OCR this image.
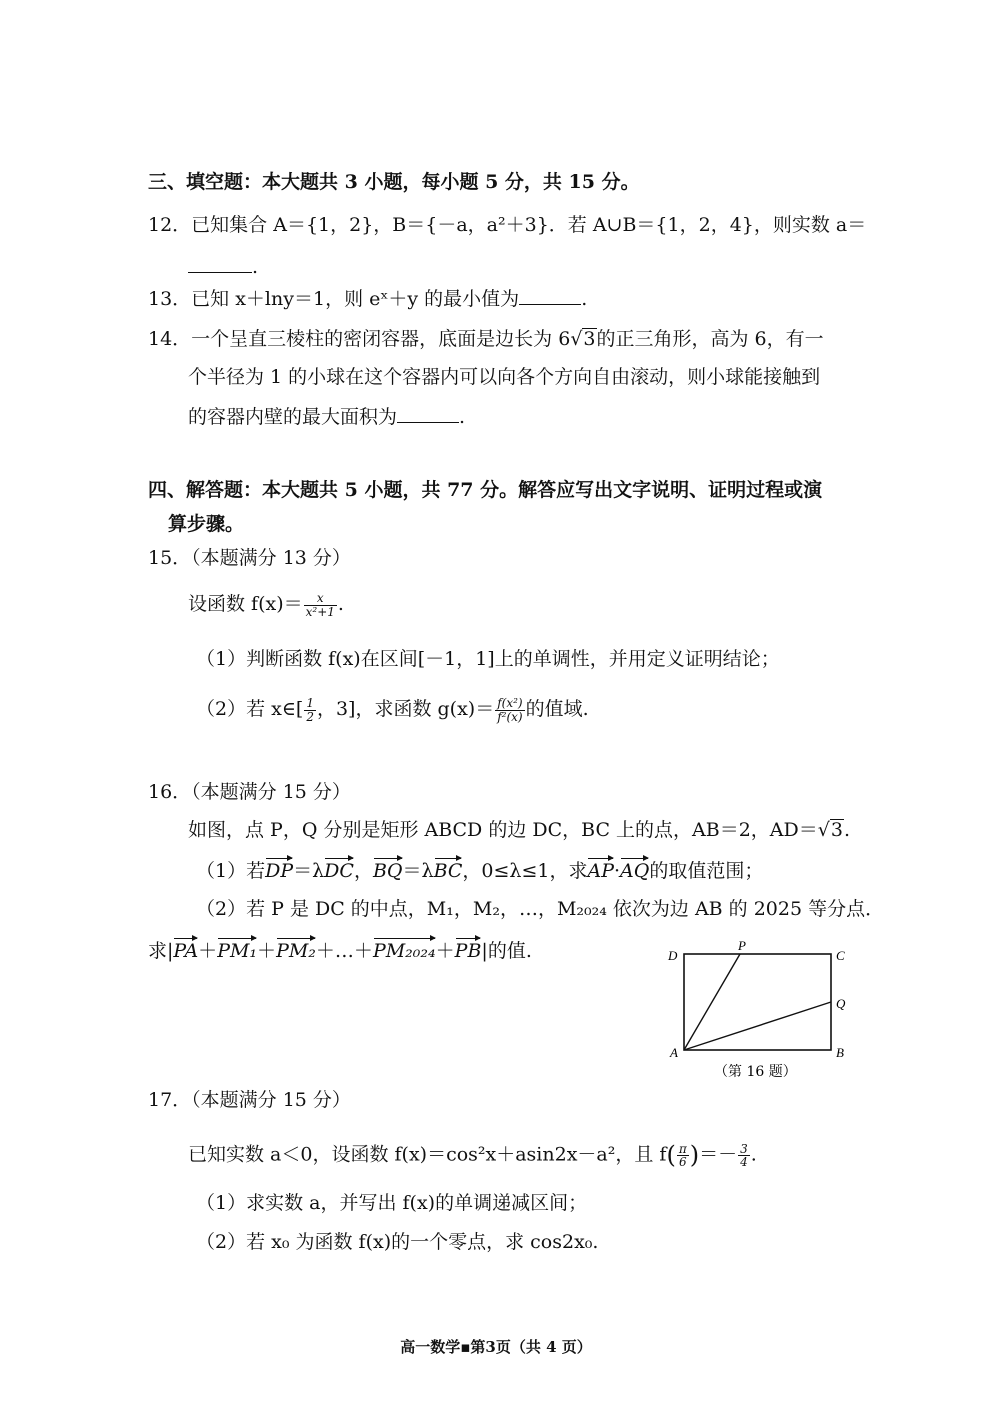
三、填空题：本大题共 3 小题，每小题 5 分，共 15 分。
12．已知集合 A＝{1，2}，B＝{－a，a²＋3}．若 A∪B＝{1，2，4}，则实数 a＝
.
13．已知 x＋lny＝1，则 eˣ＋y 的最小值为	.
14．一个呈直三棱柱的密闭容器，底面是边长为 6√3的正三角形，高为 6，有一
个半径为 1 的小球在这个容器内可以向各个方向自由滚动，则小球能接触到
的容器内壁的最大面积为	.
四、解答题：本大题共 5 小题，共 77 分。解答应写出文字说明、证明过程或演
算步骤。
15．（本题满分 13 分）
设函数 $f(x)= \frac{x}{\text{x²+1}}$ .
（1）判断函数 f(x)在区间[－1，1]上的单调性，并用定义证明结论；
（2）若 x∈[ $\frac{1}{2}$ ，3]，求函数 $g(x)= \frac{\text{f(x²)}}{\text{f²(x)}}$ 的值域.
16．（本题满分 15 分）
如图，点 P，Q 分别是矩形 ABCD 的边 DC，BC 上的点，AB＝2，AD＝√3.
（1）若DP＝λDC，BQ＝λBC，0≤λ≤1，求AP·AQ的取值范围；
（2）若 P 是 DC 的中点，M₁，M₂，…，M₂₀₂₄ 依次为边 AB 的 2025 等分点．
求|PA＋PM₁＋PM₂＋…＋PM₂₀₂₄＋PB|的值.	D
P
C
Q
A	B
（第 16 题）
17．（本题满分 15 分）
已知实数 a＜0，设函数 f(x)＝cos²x＋asin2x－a²，且 $f( \frac{\pi}{6}$ )＝－ $\frac{3}{4}$ .
（1）求实数 a，并写出 f(x)的单调递减区间；
（2）若 x₀ 为函数 f(x)的一个零点，求 cos2x₀.
高一数学▪第3页（共 4 页）
